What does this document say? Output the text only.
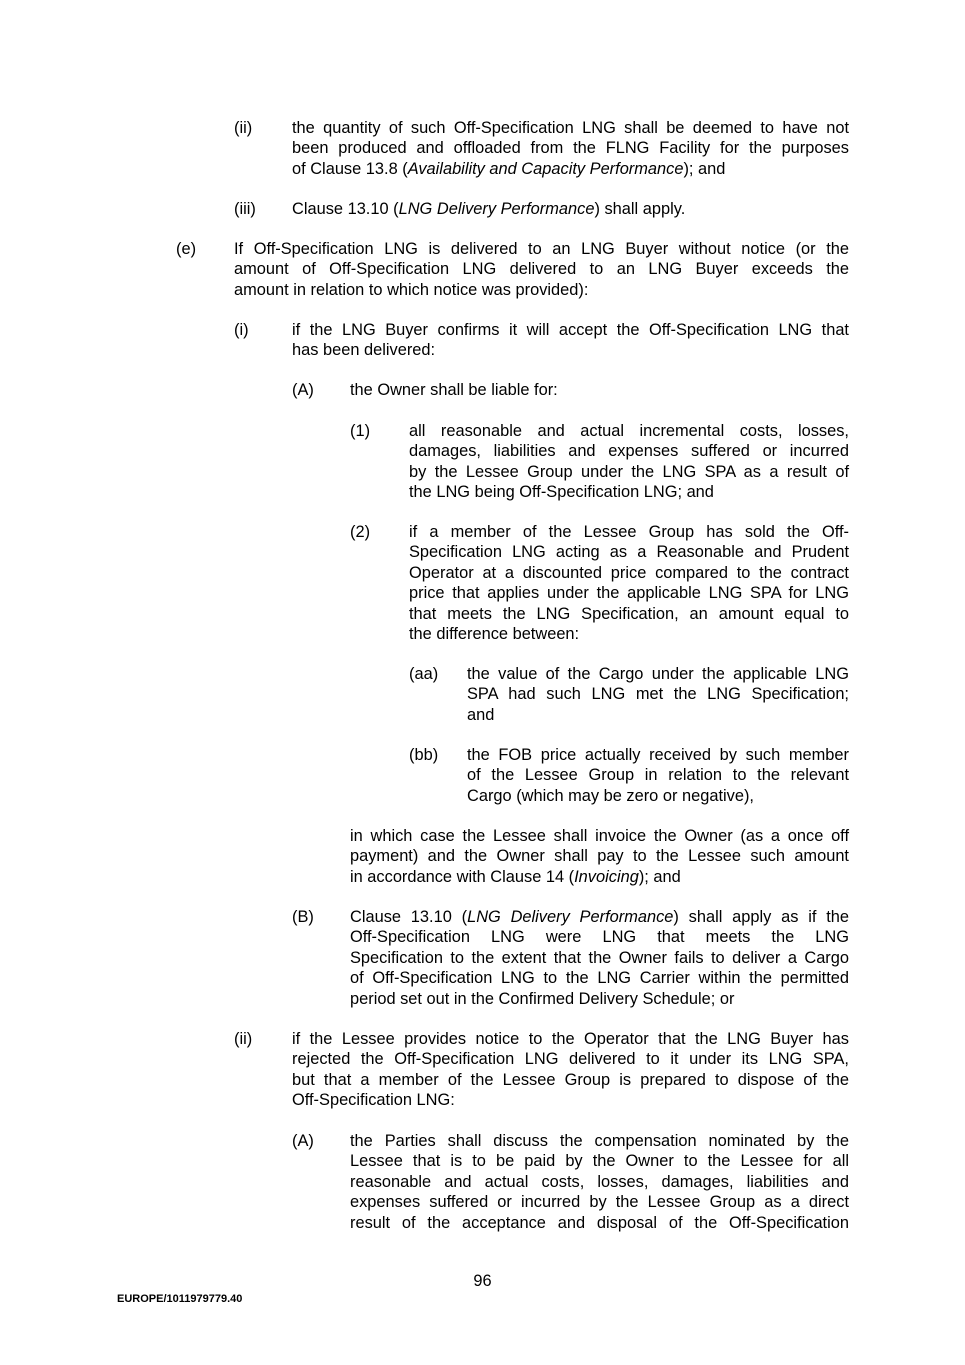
(ii) the quantity of such Off-Specification LNG shall be deemed to have not
been produced and offloaded from the FLNG Facility for the purposes
of Clause 13.8 (Availability and Capacity Performance); and
(iii) Clause 13.10 (LNG Delivery Performance) shall apply.
(e) If Off-Specification LNG is delivered to an LNG Buyer without notice (or the
amount of Off-Specification LNG delivered to an LNG Buyer exceeds the
amount in relation to which notice was provided):
(i)	if the LNG Buyer confirms it will accept the Off-Specification LNG that
has been delivered:
(A) the Owner shall be liable for:
(1) all reasonable and actual incremental costs, losses,
damages, liabilities and expenses suffered or incurred
by the Lessee Group under the LNG SPA as a result of
the LNG being Off-Specification LNG; and
(2) if a member of the Lessee Group has sold the Off-
Specification LNG acting as a Reasonable and Prudent
Operator at a discounted price compared to the contract
price that applies under the applicable LNG SPA for LNG
that meets the LNG Specification, an amount equal to
the difference between:
(aa) the value of the Cargo under the applicable LNG
SPA had such LNG met the LNG Specification;
and
(bb) the FOB price actually received by such member
of the Lessee Group in relation to the relevant
Cargo (which may be zero or negative),
in which case the Lessee shall invoice the Owner (as a once off
payment) and the Owner shall pay to the Lessee such amount
in accordance with Clause 14 (Invoicing); and
(B) Clause 13.10 (LNG Delivery Performance) shall apply as if the
Off-Specification LNG were LNG that meets the LNG
Specification to the extent that the Owner fails to deliver a Cargo
of Off-Specification LNG to the LNG Carrier within the permitted
period set out in the Confirmed Delivery Schedule; or
(ii) if the Lessee provides notice to the Operator that the LNG Buyer has
rejected the Off-Specification LNG delivered to it under its LNG SPA,
but that a member of the Lessee Group is prepared to dispose of the
Off-Specification LNG:
(A) the Parties shall discuss the compensation nominated by the
Lessee that is to be paid by the Owner to the Lessee for all
reasonable and actual costs, losses, damages, liabilities and
expenses suffered or incurred by the Lessee Group as a direct
result of the acceptance and disposal of the Off-Specification
96
EUROPE/1011979779.40
